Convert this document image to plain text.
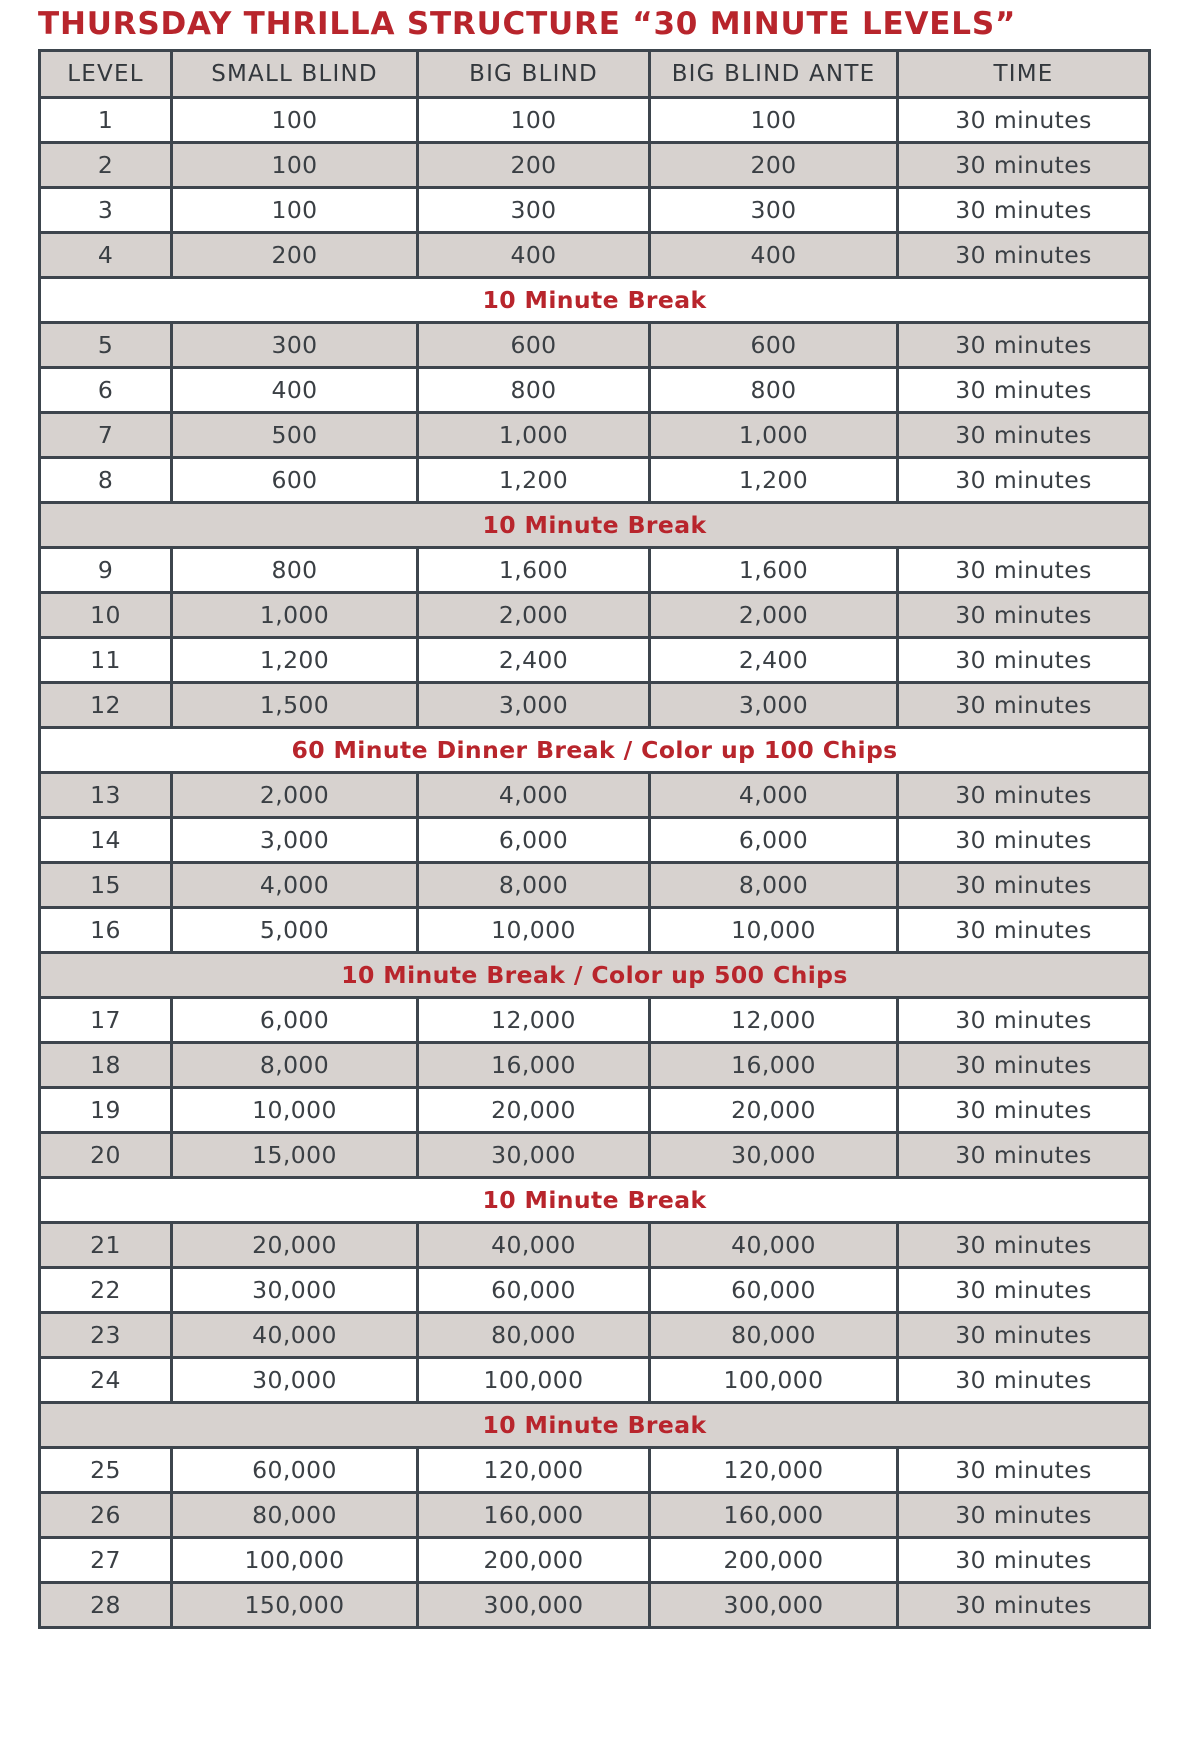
THURSDAY THRILLA STRUCTURE “30 MINUTE LEVELS”
LEVEL	SMALL BLIND	BIG BLIND	BIG BLIND ANTE	TIME
1	100	100	100	30 minutes
2	100	200	200	30 minutes
3	100	300	300	30 minutes
4	200	400	400	30 minutes
10 Minute Break				
5	300	600	600	30 minutes
6	400	800	800	30 minutes
7	500	1,000	1,000	30 minutes
8	600	1,200	1,200	30 minutes
10 Minute Break				
9	800	1,600	1,600	30 minutes
10	1,000	2,000	2,000	30 minutes
11	1,200	2,400	2,400	30 minutes
12	1,500	3,000	3,000	30 minutes
60 Minute Dinner Break / Color up 100 Chips				
13	2,000	4,000	4,000	30 minutes
14	3,000	6,000	6,000	30 minutes
15	4,000	8,000	8,000	30 minutes
16	5,000	10,000	10,000	30 minutes
10 Minute Break / Color up 500 Chips				
17	6,000	12,000	12,000	30 minutes
18	8,000	16,000	16,000	30 minutes
19	10,000	20,000	20,000	30 minutes
20	15,000	30,000	30,000	30 minutes
10 Minute Break				
21	20,000	40,000	40,000	30 minutes
22	30,000	60,000	60,000	30 minutes
23	40,000	80,000	80,000	30 minutes
24	30,000	100,000	100,000	30 minutes
10 Minute Break				
25	60,000	120,000	120,000	30 minutes
26	80,000	160,000	160,000	30 minutes
27	100,000	200,000	200,000	30 minutes
28	150,000	300,000	300,000	30 minutes
